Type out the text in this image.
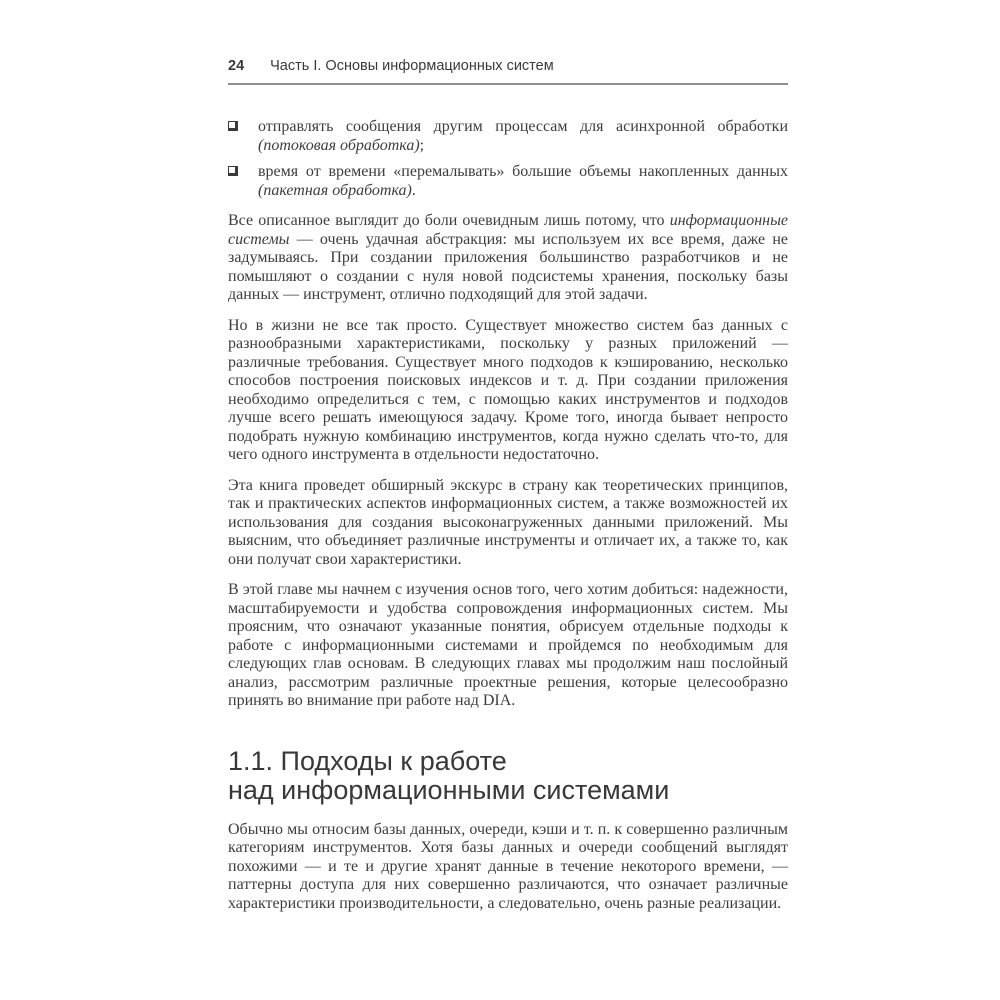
24 Часть I. Основы информационных систем
отправлять сообщения другим процессам для асинхронной обработки (потоковая обработка);
время от времени «перемалывать» большие объемы накопленных данных (пакетная обработка).

Все описанное выглядит до боли очевидным лишь потому, что информационные системы — очень удачная абстракция: мы используем их все время, даже не задумываясь. При создании приложения большинство разработчиков и не помышляют о создании с нуля новой подсистемы хранения, поскольку базы данных — инструмент, отлично подходящий для этой задачи.

Но в жизни не все так просто. Существует множество систем баз данных с разнообразными характеристиками, поскольку у разных приложений — различные требования. Существует много подходов к кэшированию, несколько способов построения поисковых индексов и т. д. При создании приложения необходимо определиться с тем, с помощью каких инструментов и подходов лучше всего решать имеющуюся задачу. Кроме того, иногда бывает непросто подобрать нужную комбинацию инструментов, когда нужно сделать что-то, для чего одного инструмента в отдельности недостаточно.

Эта книга проведет обширный экскурс в страну как теоретических принципов, так и практических аспектов информационных систем, а также возможностей их использования для создания высоконагруженных данными приложений. Мы выясним, что объединяет различные инструменты и отличает их, а также то, как они получат свои характеристики.

В этой главе мы начнем с изучения основ того, чего хотим добиться: надежности, масштабируемости и удобства сопровождения информационных систем. Мы проясним, что означают указанные понятия, обрисуем отдельные подходы к работе с информационными системами и пройдемся по необходимым для следующих глав основам. В следующих главах мы продолжим наш послойный анализ, рассмотрим различные проектные решения, которые целесообразно принять во внимание при работе над DIA.

1.1. Подходы к работе
над информационными системами

Обычно мы относим базы данных, очереди, кэши и т. п. к совершенно различным категориям инструментов. Хотя базы данных и очереди сообщений выглядят похожими — и те и другие хранят данные в течение некоторого времени, — паттерны доступа для них совершенно различаются, что означает различные характеристики производительности, а следовательно, очень разные реализации.
